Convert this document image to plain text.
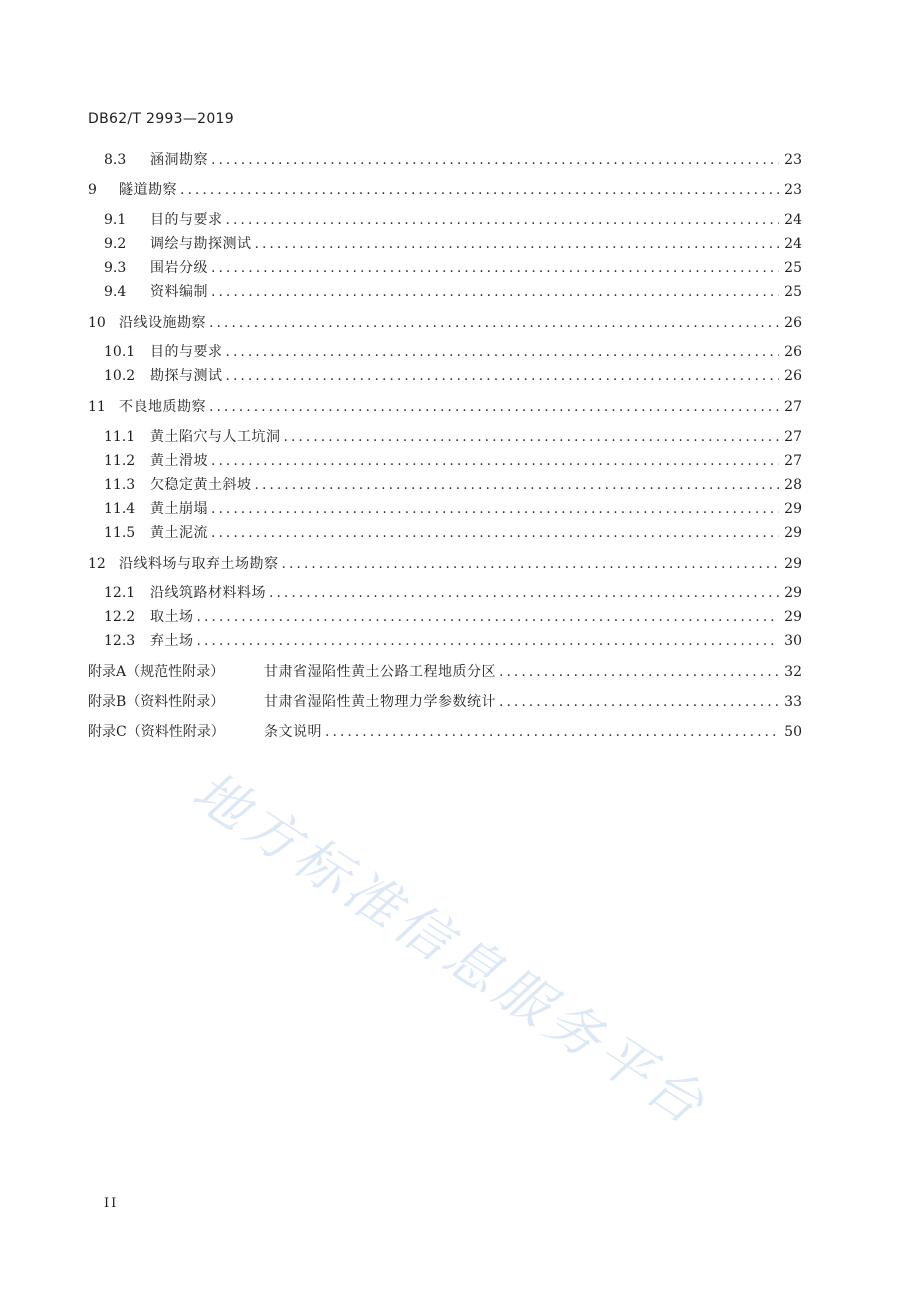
DB62/T 2993—2019
8.3	涵洞勘察 .....	23
9	隧道勘察 .....	23
9.1	目的与要求 .....	24
9.2	调绘与勘探测试 .....	24
9.3	围岩分级 .....	25
9.4	资料编制 .....	25
10 沿线设施勘察 .....	26
10.1	目的与要求 .....	26
10.2	勘探与测试 .....	26
11 不良地质勘察 .....	27
11.1	黄土陷穴与人工坑洞 .....	27
11.2	黄土滑坡 .....	27
11.3	欠稳定黄土斜坡 .....	28
11.4	黄土崩塌 .....	29
11.5	黄土泥流 .....	29
12 沿线料场与取弃土场勘察 .....	29
12.1	沿线筑路材料料场 .....	29
12.2	取土场 .....	29
12.3	弃土场 .....	30
附录A（规范性附录）	甘肃省湿陷性黄土公路工程地质分区 .....	32
附录B（资料性附录）	甘肃省湿陷性黄土物理力学参数统计 .....	33
附录C（资料性附录）	条文说明 .....	50
地方标准信息服务平台
II
